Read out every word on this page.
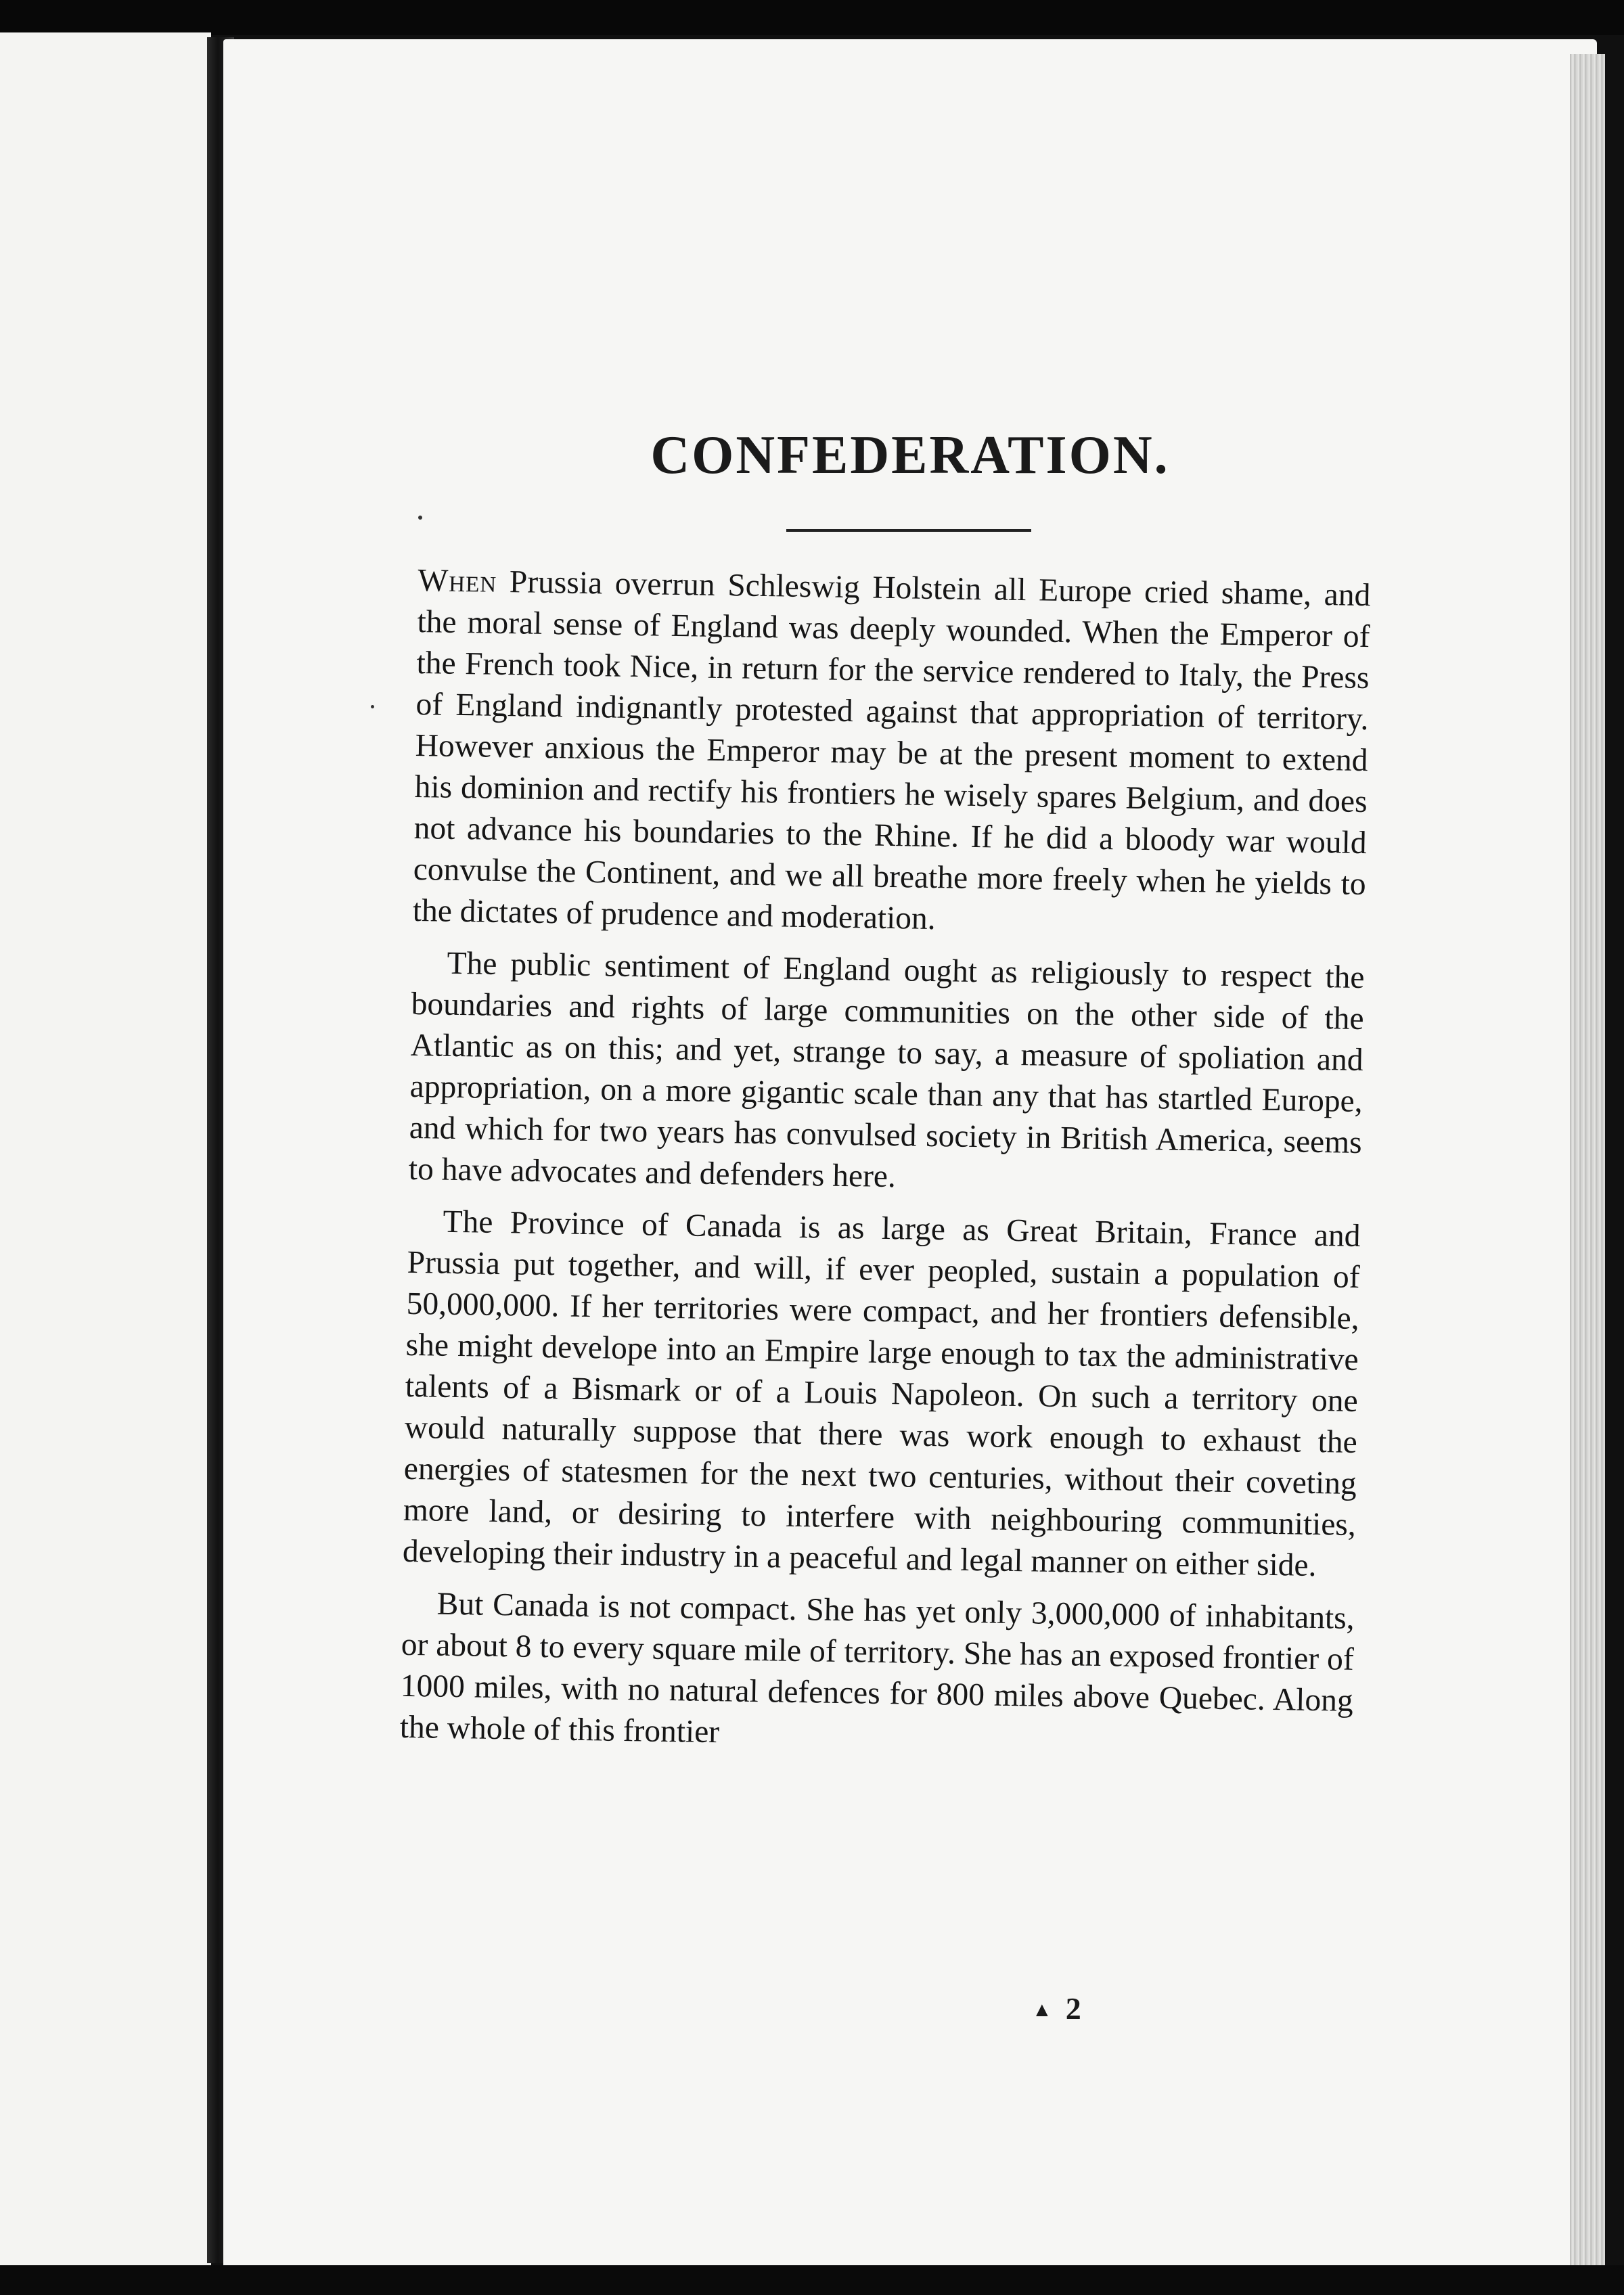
CONFEDERATION.

When Prussia overrun Schleswig Holstein all Europe cried shame, and the moral sense of England was deeply wounded. When the Emperor of the French took Nice, in return for the service rendered to Italy, the Press of England indignantly protested against that appropriation of territory. However anxious the Emperor may be at the present moment to extend his dominion and rectify his frontiers he wisely spares Belgium, and does not advance his boundaries to the Rhine. If he did a bloody war would convulse the Continent, and we all breathe more freely when he yields to the dictates of prudence and moderation.

The public sentiment of England ought as religiously to respect the boundaries and rights of large communities on the other side of the Atlantic as on this; and yet, strange to say, a measure of spoliation and appropriation, on a more gigantic scale than any that has startled Europe, and which for two years has convulsed society in British America, seems to have advocates and defenders here.

The Province of Canada is as large as Great Britain, France and Prussia put together, and will, if ever peopled, sustain a population of 50,000,000. If her territories were compact, and her frontiers defensible, she might develope into an Empire large enough to tax the administrative talents of a Bismark or of a Louis Napoleon. On such a territory one would naturally suppose that there was work enough to exhaust the energies of statesmen for the next two centuries, without their coveting more land, or desiring to interfere with neighbouring communities, developing their industry in a peaceful and legal manner on either side.

But Canada is not compact. She has yet only 3,000,000 of inhabitants, or about 8 to every square mile of territory. She has an exposed frontier of 1000 miles, with no natural defences for 800 miles above Quebec. Along the whole of this frontier

▲ 2
